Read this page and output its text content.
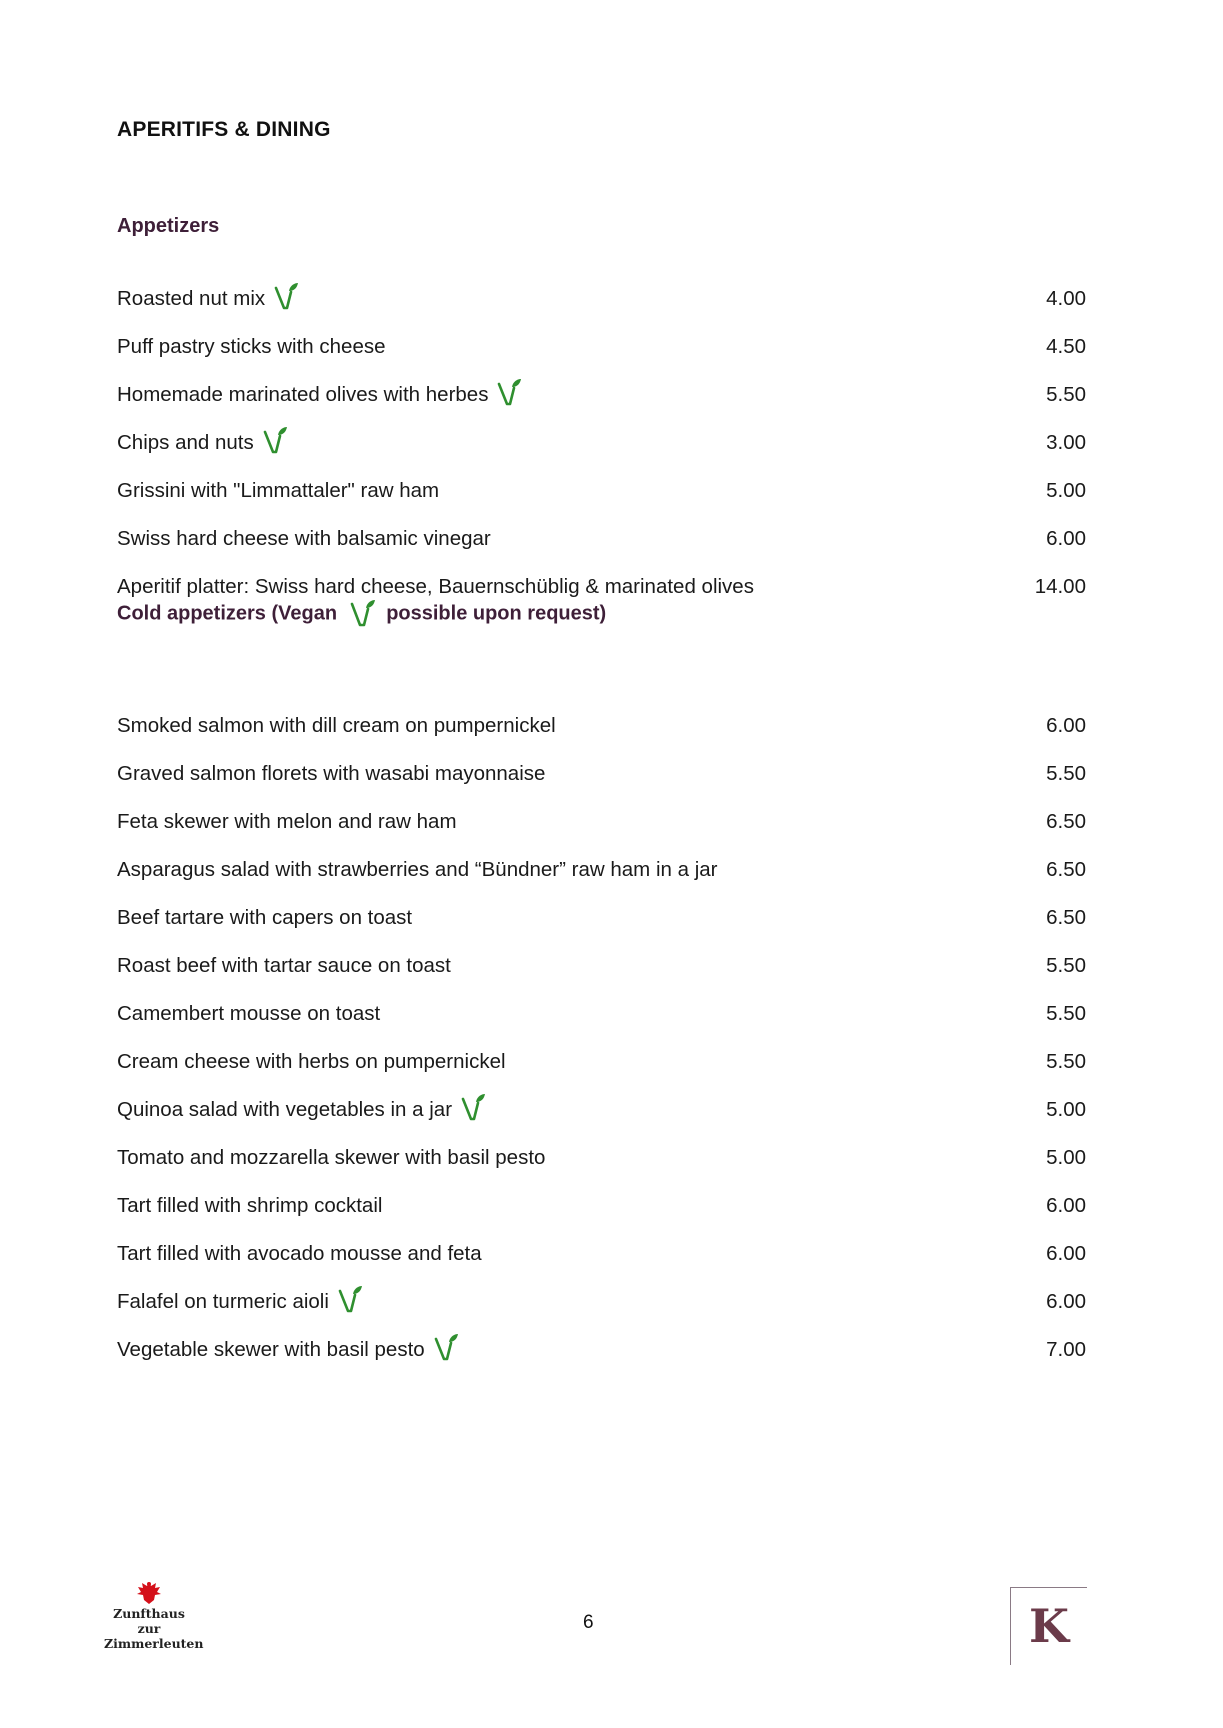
APERITIFS & DINING
Appetizers
Roasted nut mix	4.00
Puff pastry sticks with cheese	4.50
Homemade marinated olives with herbes	5.50
Chips and nuts	3.00
Grissini with "Limmattaler" raw ham	5.00
Swiss hard cheese with balsamic vinegar	6.00
Aperitif platter: Swiss hard cheese, Bauernschüblig & marinated olives	14.00
Cold appetizers (Vegan possible upon request)
Smoked salmon with dill cream on pumpernickel	6.00
Graved salmon florets with wasabi mayonnaise	5.50
Feta skewer with melon and raw ham	6.50
Asparagus salad with strawberries and “Bündner” raw ham in a jar	6.50
Beef tartare with capers on toast	6.50
Roast beef with tartar sauce on toast	5.50
Camembert mousse on toast	5.50
Cream cheese with herbs on pumpernickel	5.50
Quinoa salad with vegetables in a jar	5.00
Tomato and mozzarella skewer with basil pesto	5.00
Tart filled with shrimp cocktail	6.00
Tart filled with avocado mousse and feta	6.00
Falafel on turmeric aioli	6.00
Vegetable skewer with basil pesto	7.00
Zunfthaus
zur
Zimmerleuten
6	K
